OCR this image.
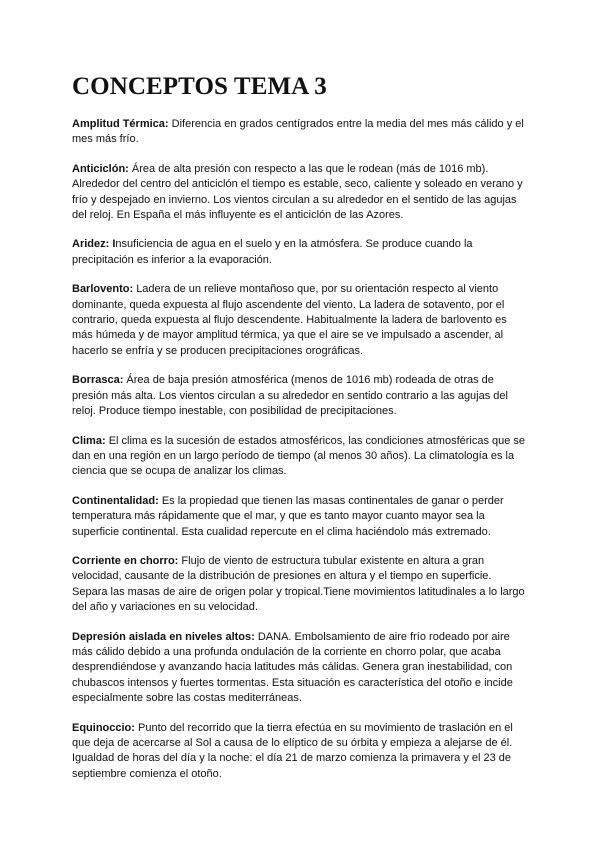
CONCEPTOS TEMA 3

Amplitud Térmica: Diferencia en grados centígrados entre la media del mes más cálido y el mes más frío.

Anticiclón: Área de alta presión con respecto a las que le rodean (más de 1016 mb). Alrededor del centro del anticiclón el tiempo es estable, seco, caliente y soleado en verano y frío y despejado en invierno. Los vientos circulan a su alrededor en el sentido de las agujas del reloj. En España el más influyente es el anticiclón de las Azores.

Aridez: Insuficiencia de agua en el suelo y en la atmósfera. Se produce cuando la precipitación es inferior a la evaporación.

Barlovento: Ladera de un relieve montañoso que, por su orientación respecto al viento dominante, queda expuesta al flujo ascendente del viento. La ladera de sotavento, por el contrario, queda expuesta al flujo descendente. Habitualmente la ladera de barlovento es más húmeda y de mayor amplitud térmica, ya que el aire se ve impulsado a ascender, al hacerlo se enfría y se producen precipitaciones orográficas.

Borrasca: Área de baja presión atmosférica (menos de 1016 mb) rodeada de otras de presión más alta. Los vientos circulan a su alrededor en sentido contrario a las agujas del reloj. Produce tiempo inestable, con posibilidad de precipitaciones.

Clima: El clima es la sucesión de estados atmosféricos, las condiciones atmosféricas que se dan en una región en un largo período de tiempo (al menos 30 años). La climatología es la ciencia que se ocupa de analizar los climas.

Continentalidad: Es la propiedad que tienen las masas continentales de ganar o perder temperatura más rápidamente que el mar, y que es tanto mayor cuanto mayor sea la superficie continental. Esta cualidad repercute en el clima haciéndolo más extremado.

Corriente en chorro: Flujo de viento de estructura tubular existente en altura a gran velocidad, causante de la distribución de presiones en altura y el tiempo en superficie. Separa las masas de aire de origen polar y tropical.Tiene movimientos latitudinales a lo largo del año y variaciones en su velocidad.

Depresión aislada en niveles altos: DANA. Embolsamiento de aire frío rodeado por aire más cálido debido a una profunda ondulación de la corriente en chorro polar, que acaba desprendiéndose y avanzando hacia latitudes más cálidas. Genera gran inestabilidad, con chubascos intensos y fuertes tormentas. Esta situación es característica del otoño e incide especialmente sobre las costas mediterráneas.

Equinoccio: Punto del recorrido que la tierra efectúa en su movimiento de traslación en el que deja de acercarse al Sol a causa de lo elíptico de su órbita y empieza a alejarse de él. Igualdad de horas del día y la noche: el día 21 de marzo comienza la primavera y el 23 de septiembre comienza el otoño.
